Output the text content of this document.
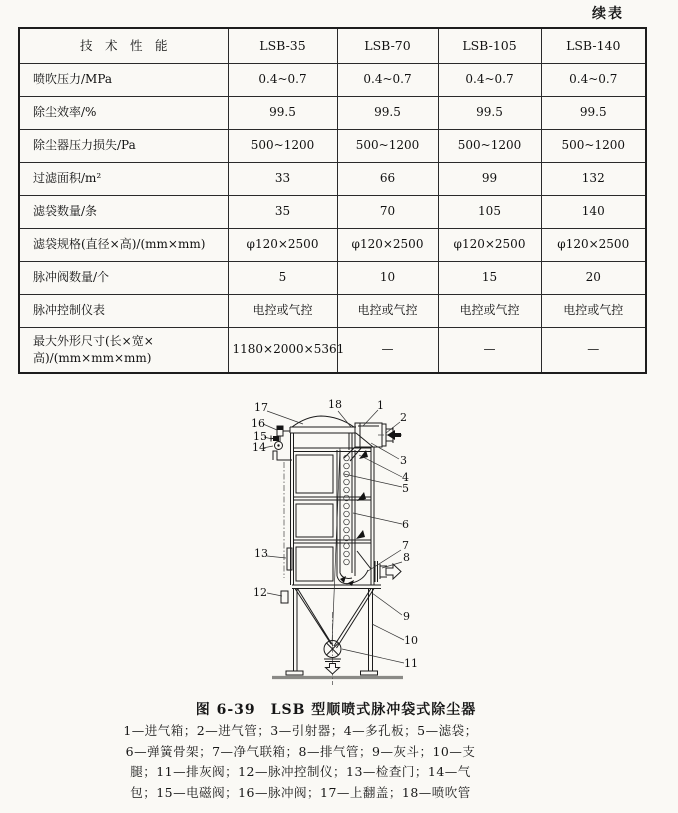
续表
技　术　性　能	LSB-35	LSB-70	LSB-105	LSB-140
喷吹压力/MPa	0.4~0.7	0.4~0.7	0.4~0.7	0.4~0.7
除尘效率/%	99.5	99.5	99.5	99.5
除尘器压力损失/Pa	500~1200	500~1200	500~1200	500~1200
过滤面积/m²	33	66	99	132
滤袋数量/条	35	70	105	140
滤袋规格(直径×高)/(mm×mm)	φ120×2500	φ120×2500	φ120×2500	φ120×2500
脉冲阀数量/个	5	10	15	20
脉冲控制仪表	电控或气控	电控或气控	电控或气控	电控或气控
最大外形尺寸(长×宽×高)/(mm×mm×mm)	1180×2000×5361	—	—	—
1
2
3
4
5
6
7
8
9
10
11
12
13
14
15
16
17	18
图 6-39　LSB 型顺喷式脉冲袋式除尘器
1—进气箱；2—进气管；3—引射器；4—多孔板；5—滤袋；
6—弹簧骨架；7—净气联箱；8—排气管；9—灰斗；10—支
腿；11—排灰阀；12—脉冲控制仪；13—检查门；14—气
包；15—电磁阀；16—脉冲阀；17—上翻盖；18—喷吹管
